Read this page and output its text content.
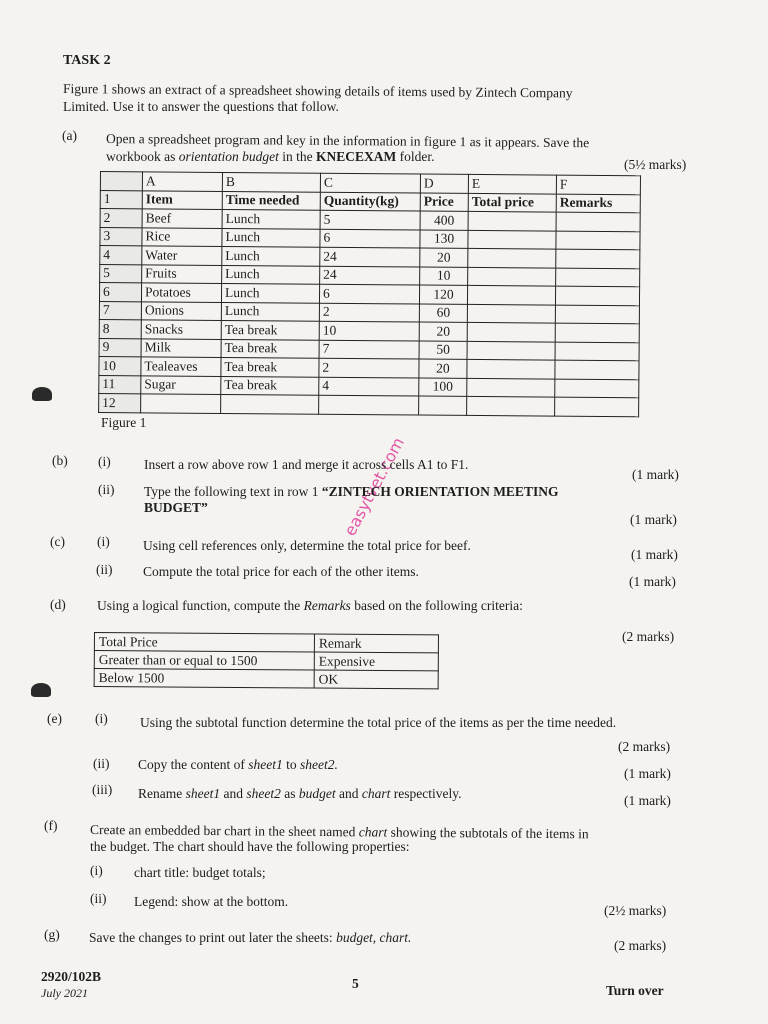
TASK 2
Figure 1 shows an extract of a spreadsheet showing details of items used by Zintech Company
Limited. Use it to answer the questions that follow.
(a) Open a spreadsheet program and key in the information in figure 1 as it appears. Save the
workbook as orientation budget in the KNECEXAM folder.
(5½ marks)
	A	B	C	D	E	F
1	Item	Time needed	Quantity(kg)	Price	Total price	Remarks
2	Beef	Lunch	5	400		
3	Rice	Lunch	6	130		
4	Water	Lunch	24	20		
5	Fruits	Lunch	24	10		
6	Potatoes	Lunch	6	120		
7	Onions	Lunch	2	60		
8	Snacks	Tea break	10	20		
9	Milk	Tea break	7	50		
10	Tealeaves	Tea break	2	20		
11	Sugar	Tea break	4	100		
12						
Figure 1
easytvet.com
(b) (i) Insert a row above row 1 and merge it across cells A1 to F1.
(1 mark)
(ii) Type the following text in row 1 “ZINTECH ORIENTATION MEETING
BUDGET”
(1 mark)
(c) (i) Using cell references only, determine the total price for beef.
(1 mark)
(ii) Compute the total price for each of the other items.
(1 mark)
(d) Using a logical function, compute the Remarks based on the following criteria:
(2 marks)
Total Price	Remark
Greater than or equal to 1500	Expensive
Below 1500	OK
(e) (i) Using the subtotal function determine the total price of the items as per the time needed.
(2 marks)
(ii) Copy the content of sheet1 to sheet2.
(1 mark)
(iii) Rename sheet1 and sheet2 as budget and chart respectively.	(1 mark)
(f) Create an embedded bar chart in the sheet named chart showing the subtotals of the items in
the budget. The chart should have the following properties:
(i) chart title: budget totals;
(ii) Legend: show at the bottom.
(2½ marks)
(g) Save the changes to print out later the sheets: budget, chart.
(2 marks)
2920/102B
July 2021
5	Turn over
